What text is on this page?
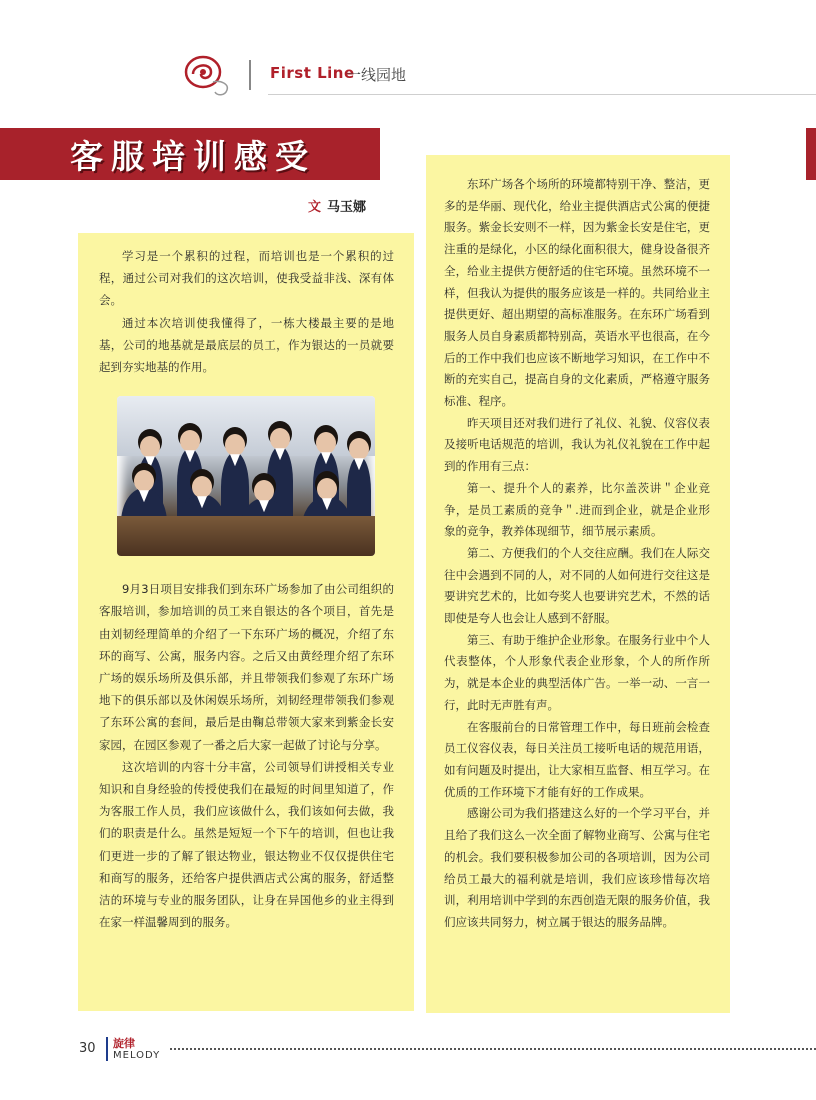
First Line
一线园地
客服培训感受
文 马玉娜

学习是一个累积的过程，而培训也是一个累积的过程，通过公司对我们的这次培训，使我受益非浅、深有体会。

通过本次培训使我懂得了，一栋大楼最主要的是地基，公司的地基就是最底层的员工，作为银达的一员就要起到夯实地基的作用。

9月3日项目安排我们到东环广场参加了由公司组织的客服培训，参加培训的员工来自银达的各个项目，首先是由刘韧经理简单的介绍了一下东环广场的概况，介绍了东环的商写、公寓，服务内容。之后又由黄经理介绍了东环广场的娱乐场所及俱乐部，并且带领我们参观了东环广场地下的俱乐部以及休闲娱乐场所，刘韧经理带领我们参观了东环公寓的套间，最后是由鞠总带领大家来到紫金长安家园，在园区参观了一番之后大家一起做了讨论与分享。

这次培训的内容十分丰富，公司领导们讲授相关专业知识和自身经验的传授使我们在最短的时间里知道了，作为客服工作人员，我们应该做什么，我们该如何去做，我们的职责是什么。虽然是短短一个下午的培训，但也让我们更进一步的了解了银达物业，银达物业不仅仅提供住宅和商写的服务，还给客户提供酒店式公寓的服务，舒适整洁的环境与专业的服务团队，让身在异国他乡的业主得到在家一样温馨周到的服务。

东环广场各个场所的环境都特别干净、整洁，更多的是华丽、现代化，给业主提供酒店式公寓的便捷服务。紫金长安则不一样，因为紫金长安是住宅，更注重的是绿化，小区的绿化面积很大，健身设备很齐全，给业主提供方便舒适的住宅环境。虽然环境不一样，但我认为提供的服务应该是一样的。共同给业主提供更好、超出期望的高标准服务。在东环广场看到服务人员自身素质都特别高，英语水平也很高，在今后的工作中我们也应该不断地学习知识，在工作中不断的充实自己，提高自身的文化素质，严格遵守服务标准、程序。

昨天项目还对我们进行了礼仪、礼貌、仪容仪表及接听电话规范的培训，我认为礼仪礼貌在工作中起到的作用有三点：

第一、提升个人的素养，比尔盖茨讲＂企业竞争，是员工素质的竞争＂.进而到企业，就是企业形象的竞争，教养体现细节，细节展示素质。

第二、方便我们的个人交往应酬。我们在人际交往中会遇到不同的人，对不同的人如何进行交往这是要讲究艺术的，比如夸奖人也要讲究艺术，不然的话即使是夸人也会让人感到不舒服。

第三、有助于维护企业形象。在服务行业中个人代表整体，个人形象代表企业形象，个人的所作所为，就是本企业的典型活体广告。一举一动、一言一行，此时无声胜有声。

在客服前台的日常管理工作中，每日班前会检查员工仪容仪表，每日关注员工接听电话的规范用语，如有问题及时提出，让大家相互监督、相互学习。在优质的工作环境下才能有好的工作成果。

感谢公司为我们搭建这么好的一个学习平台，并且给了我们这么一次全面了解物业商写、公寓与住宅的机会。我们要积极参加公司的各项培训，因为公司给员工最大的福利就是培训，我们应该珍惜每次培训，利用培训中学到的东西创造无限的服务价值，我们应该共同努力，树立属于银达的服务品牌。

30 旋律
MELODY
